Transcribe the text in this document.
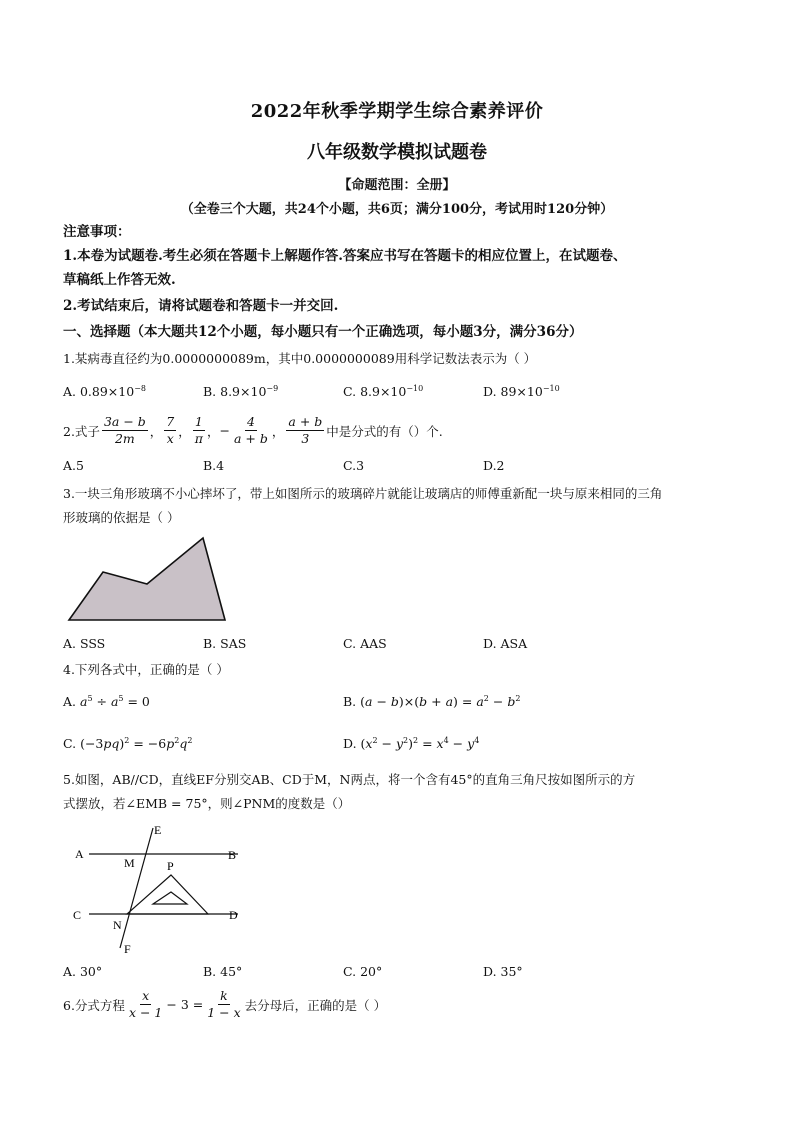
2022年秋季学期学生综合素养评价
八年级数学模拟试题卷
【命题范围：全册】
（全卷三个大题，共24个小题，共6页；满分100分，考试用时120分钟）
注意事项：
1.本卷为试题卷.考生必须在答题卡上解题作答.答案应书写在答题卡的相应位置上，在试题卷、
草稿纸上作答无效.
2.考试结束后，请将试题卷和答题卡一并交回.
一、选择题（本大题共12个小题，每小题只有一个正确选项，每小题3分，满分36分）
1.某病毒直径约为0.0000000089m，其中0.0000000089用科学记数法表示为（ ）
A. $0.89\times 10^{-8}$	B. $8.9\times 10^{-9}$	C. $8.9\times 10^{-10}$	D. $89\times 10^{-10}$
2.式子 $\frac{3a - b}{2m}$ ， $\frac{7}{x}$ ， $\frac{1}{\pi}$ ， − $\frac{4}{a + b}$ ， $\frac{a + b}{3}$ 中是分式的有（）个.
A.5	B.4	C.3	D.2
3.一块三角形玻璃不小心摔坏了，带上如图所示的玻璃碎片就能让玻璃店的师傅重新配一块与原来相同的三角
形玻璃的依据是（ ）
A. SSS	B. SAS	C. AAS	D. ASA
4.下列各式中，正确的是（ ）
A. $a^5 \div a^5 = 0$	B. $(a - b)\times(b + a) = a^2 - b^2$
C. $(-3pq)^2 = -6p^2q^2$	D. $(x^2 - y^2)^2 = x^4 - y^4$
5.如图，AB//CD，直线EF分别交AB、CD于M，N两点，将一个含有45°的直角三角尺按如图所示的方
式摆放，若∠EMB = 75°，则∠PNM的度数是（）
A	B
C	D
E
F
M
N
P
A. 30°	B. 45°	C. 20°	D. 35°
6.分式方程 $\frac{x}{x - 1} - 3 = \frac{k}{1 - x}$ 去分母后，正确的是（ ）
